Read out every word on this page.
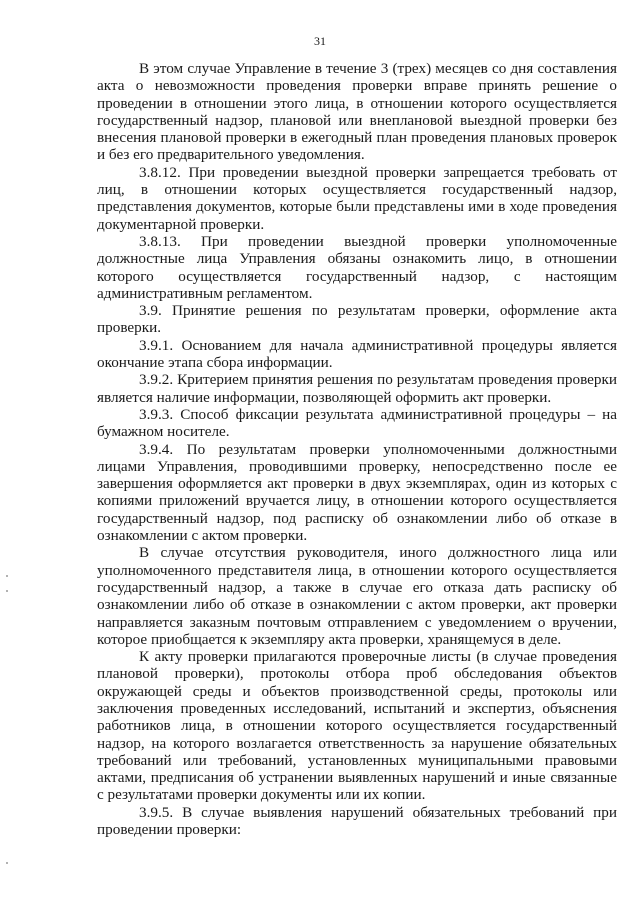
31

В этом случае Управление в течение 3 (трех) месяцев со дня составления акта о невозможности проведения проверки вправе принять решение о проведении в отношении этого лица, в отношении которого осуществляется государственный надзор, плановой или внеплановой выездной проверки без внесения плановой проверки в ежегодный план проведения плановых проверок и без его предварительного уведомления.

3.8.12. При проведении выездной проверки запрещается требовать от лиц, в отношении которых осуществляется государственный надзор, представления документов, которые были представлены ими в ходе проведения документарной проверки.

3.8.13. При проведении выездной проверки уполномоченные должностные лица Управления обязаны ознакомить лицо, в отношении которого осуществляется государственный надзор, с настоящим административным регламентом.

3.9. Принятие решения по результатам проверки, оформление акта проверки.

3.9.1. Основанием для начала административной процедуры является окончание этапа сбора информации.

3.9.2. Критерием принятия решения по результатам проведения проверки является наличие информации, позволяющей оформить акт проверки.

3.9.3. Способ фиксации результата административной процедуры – на бумажном носителе.

3.9.4. По результатам проверки уполномоченными должностными лицами Управления, проводившими проверку, непосредственно после ее завершения оформляется акт проверки в двух экземплярах, один из которых с копиями приложений вручается лицу, в отношении которого осуществляется государственный надзор, под расписку об ознакомлении либо об отказе в ознакомлении с актом проверки.

В случае отсутствия руководителя, иного должностного лица или уполномоченного представителя лица, в отношении которого осуществляется государственный надзор, а также в случае его отказа дать расписку об ознакомлении либо об отказе в ознакомлении с актом проверки, акт проверки направляется заказным почтовым отправлением с уведомлением о вручении, которое приобщается к экземпляру акта проверки, хранящемуся в деле.

К акту проверки прилагаются проверочные листы (в случае проведения плановой проверки), протоколы отбора проб обследования объектов окружающей среды и объектов производственной среды, протоколы или заключения проведенных исследований, испытаний и экспертиз, объяснения работников лица, в отношении которого осуществляется государственный надзор, на которого возлагается ответственность за нарушение обязательных требований или требований, установленных муниципальными правовыми актами, предписания об устранении выявленных нарушений и иные связанные с результатами проверки документы или их копии.

3.9.5. В случае выявления нарушений обязательных требований при проведении проверки:
